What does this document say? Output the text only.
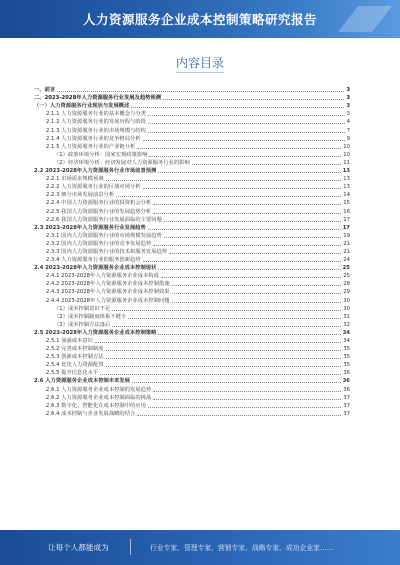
人力资源服务企业成本控制策略研究报告
内容目录
一、前言	3
二、2023-2028年人力资源服务行业发展及趋势预测	3
（一）人力资源服务行业现状与发展概述	3
2.1.1 人力资源服务行业的基本概念与分类	3
2.1.2 人力资源服务行业的发展历程与阶段	4
2.1.3 人力资源服务行业的市场规模与结构	7
2.1.4 人力资源服务行业的竞争格局分析	9
2.1.5 人力资源服务行业的产业链分析	10
（1）政策环境分析：国家宏观政策影响	10
（2）经济环境分析：经济发展对人力资源服务行业的影响	11
2.2 2023-2028年人力资源服务行业市场前景预测	13
2.2.1 市场需求规模预测	13
2.2.2 人力资源服务行业的区域市场分析	13
2.2.3 细分市场发展前景分析	14
2.2.4 中国人力资源服务行业的投资机会分析	15
2.2.5 我国人力资源服务行业的发展趋势分析	16
2.2.6 我国人力资源服务行业发展面临的主要问题	17
2.3 2023-2028年人力资源服务行业发展趋势	17
2.3.1 国内人力资源服务行业的市场规模发展趋势	19
2.3.2 国内人力资源服务行业的竞争发展趋势	21
2.3.3 国内人力资源服务行业的技术和服务发展趋势	21
2.3.4 人力资源服务行业的服务创新趋势	24
2.4 2023-2028年人力资源服务企业成本控制现状	25
2.4.1 2023-2028年人力资源服务企业成本构成	25
2.4.2 2023-2028年人力资源服务企业成本控制措施	28
2.4.3 2023-2028年人力资源服务企业成本控制效果	29
2.4.4 2023-2028年人力资源服务企业成本控制问题	30
（1）成本控制意识不足	30
（2）成本控制制度体系不健全	31
（3）成本控制方法落后	32
2.5 2023-2028年人力资源服务企业成本控制策略	34
2.5.1 加强成本意识	34
2.5.2 完善成本控制制度	35
2.5.3 创新成本控制方法	35
2.5.4 优化人力资源配置	35
2.5.5 提升信息化水平	36
2.6 人力资源服务企业成本控制未来发展	36
2.6.1 人力资源服务企业成本控制的发展趋势	36
2.6.2 人力资源服务企业成本控制面临的挑战	37
2.6.3 数字化、智能化在成本控制中的应用	37
2.6.4 成本控制与企业发展战略的结合	37
让每个人都能成为	行业专家、管理专家、营销专家、战略专家、成功企业家……
